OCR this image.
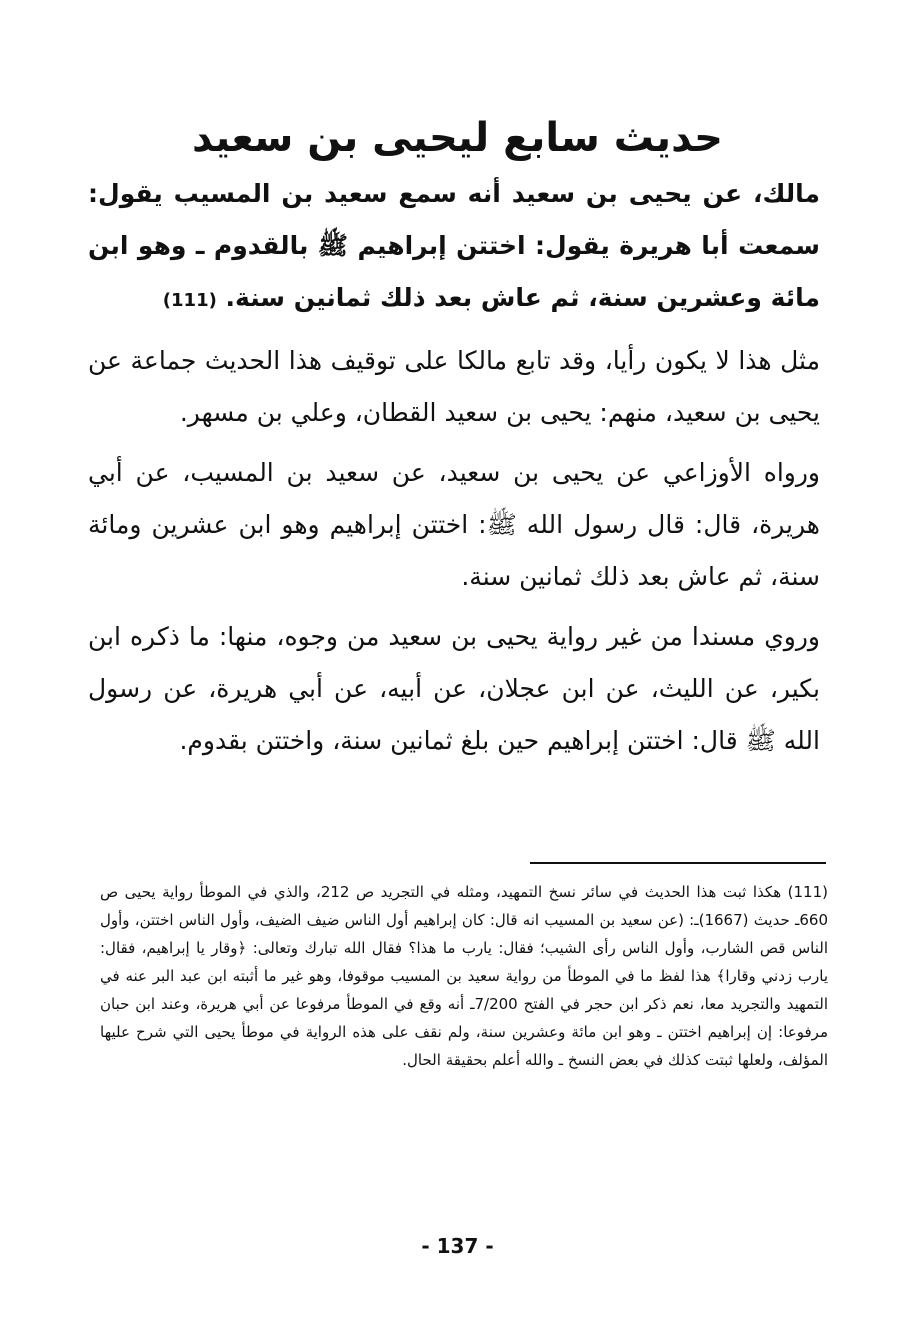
حديث سابع ليحيى بن سعيد

مالك، عن يحيى بن سعيد أنه سمع سعيد بن المسيب يقول: سمعت أبا هريرة يقول: اختتن إبراهيم ﷺ بالقدوم ـ وهو ابن مائة وعشرين سنة، ثم عاش بعد ذلك ثمانين سنة. (111)

مثل هذا لا يكون رأيا، وقد تابع مالكا على توقيف هذا الحديث جماعة عن يحيى بن سعيد، منهم: يحيى بن سعيد القطان، وعلي بن مسهر.

ورواه الأوزاعي عن يحيى بن سعيد، عن سعيد بن المسيب، عن أبي هريرة، قال: قال رسول الله ﷺ: اختتن إبراهيم وهو ابن عشرين ومائة سنة، ثم عاش بعد ذلك ثمانين سنة.

وروي مسندا من غير رواية يحيى بن سعيد من وجوه، منها: ما ذكره ابن بكير، عن الليث، عن ابن عجلان، عن أبيه، عن أبي هريرة، عن رسول الله ﷺ قال: اختتن إبراهيم حين بلغ ثمانين سنة، واختتن بقدوم.

(111) هكذا ثبت هذا الحديث في سائر نسخ التمهيد، ومثله في التجريد ص 212، والذي في الموطأ رواية يحيى ص 660ـ حديث (1667)ـ: (عن سعيد بن المسيب انه قال: كان إبراهيم أول الناس ضيف الضيف، وأول الناس اختتن، وأول الناس قص الشارب، وأول الناس رأى الشيب؛ فقال: يارب ما هذا؟ فقال الله تبارك وتعالى: ﴿وقار يا إبراهيم، فقال: يارب زدني وقارا﴾ هذا لفظ ما في الموطأ من رواية سعيد بن المسيب موقوفا، وهو غير ما أثبته ابن عبد البر عنه في التمهيد والتجريد معا، نعم ذكر ابن حجر في الفتح 7/200ـ أنه وقع في الموطأ مرفوعا عن أبي هريرة، وعند ابن حبان مرفوعا: إن إبراهيم اختتن ـ وهو ابن مائة وعشرين سنة، ولم نقف على هذه الرواية في موطأ يحيى التي شرح عليها المؤلف، ولعلها ثبتت كذلك في بعض النسخ ـ والله أعلم بحقيقة الحال.

- 137 -
